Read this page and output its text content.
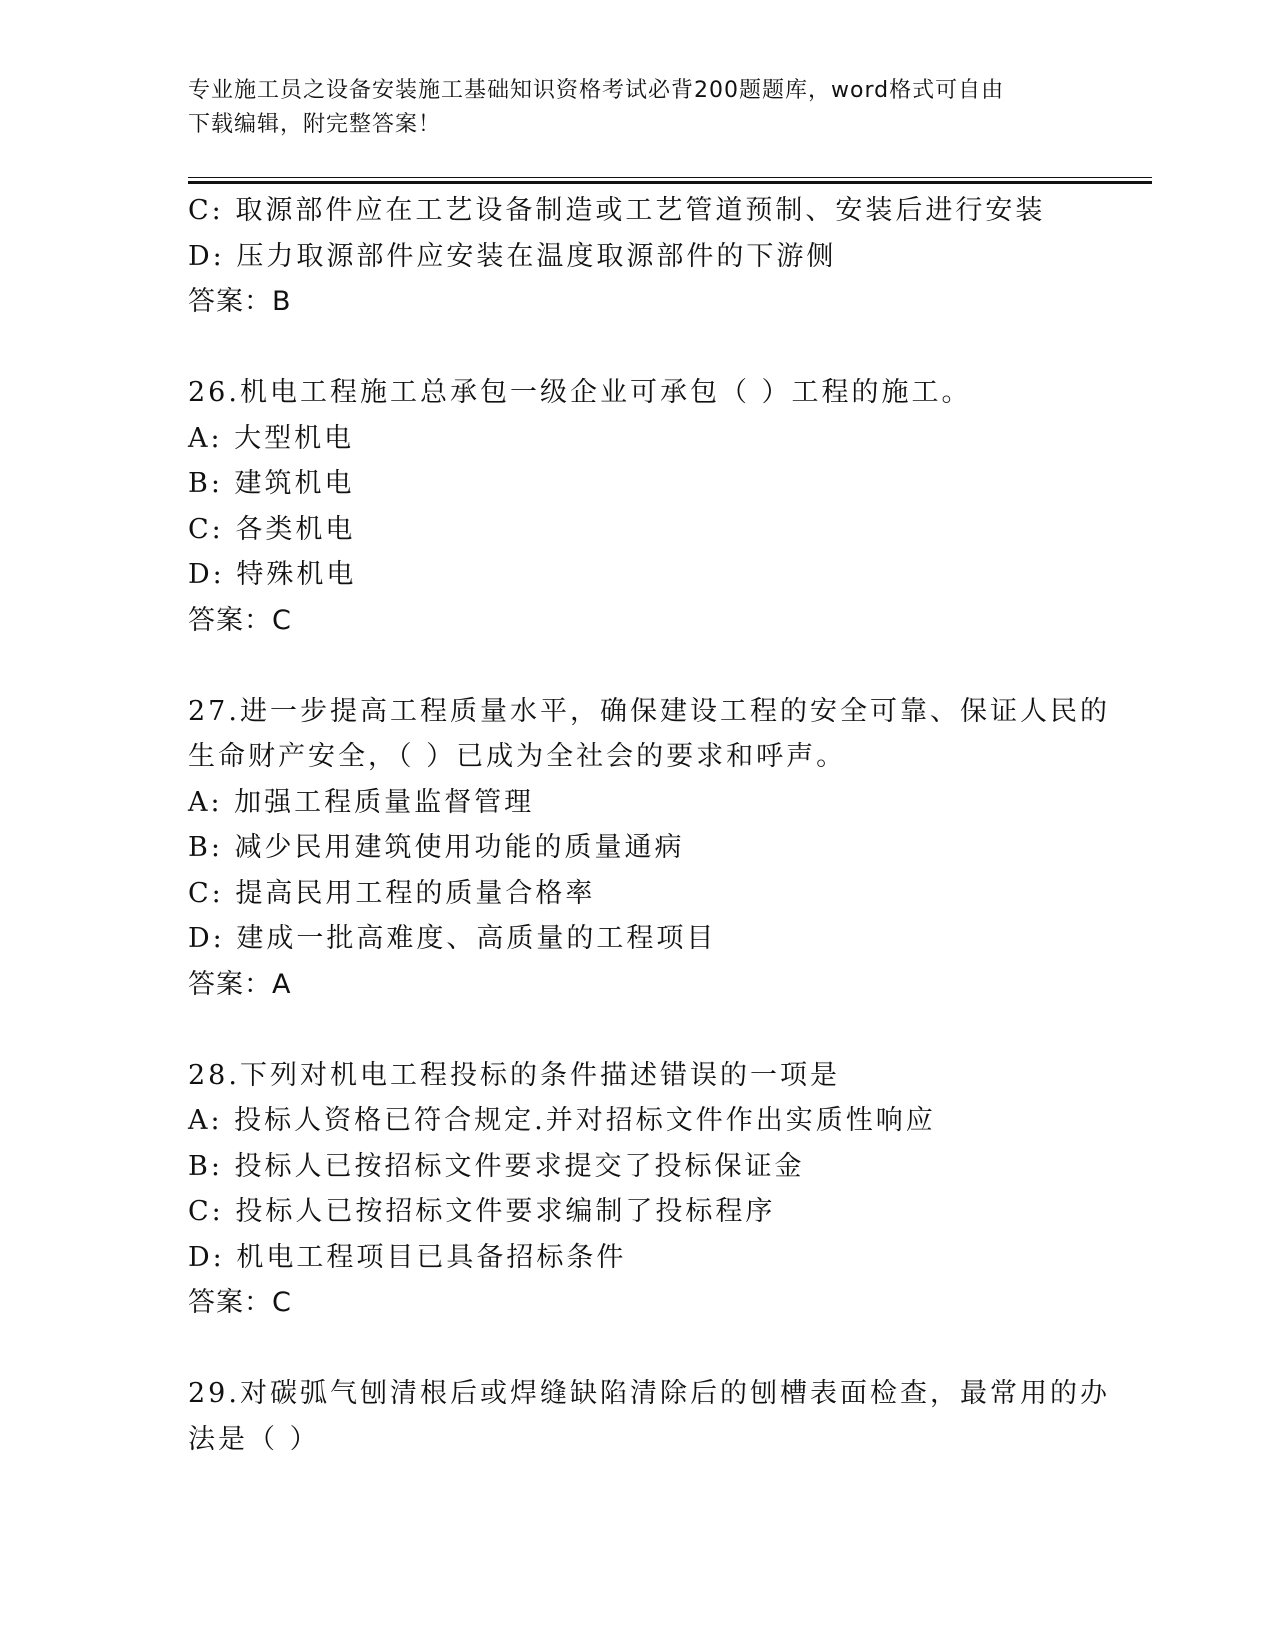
专业施工员之设备安装施工基础知识资格考试必背200题题库，word格式可自由
下载编辑，附完整答案！
C: 取源部件应在工艺设备制造或工艺管道预制、安装后进行安装
D: 压力取源部件应安装在温度取源部件的下游侧
答案：B
26.机电工程施工总承包一级企业可承包（ ）工程的施工。
A: 大型机电
B: 建筑机电
C: 各类机电
D: 特殊机电
答案：C
27.进一步提高工程质量水平，确保建设工程的安全可靠、保证人民的
生命财产安全，（ ）已成为全社会的要求和呼声。
A: 加强工程质量监督管理
B: 减少民用建筑使用功能的质量通病
C: 提高民用工程的质量合格率
D: 建成一批高难度、高质量的工程项目
答案：A
28.下列对机电工程投标的条件描述错误的一项是
A: 投标人资格已符合规定.并对招标文件作出实质性响应
B: 投标人已按招标文件要求提交了投标保证金
C: 投标人已按招标文件要求编制了投标程序
D: 机电工程项目已具备招标条件
答案：C
29.对碳弧气刨清根后或焊缝缺陷清除后的刨槽表面检查，最常用的办
法是（ ）
